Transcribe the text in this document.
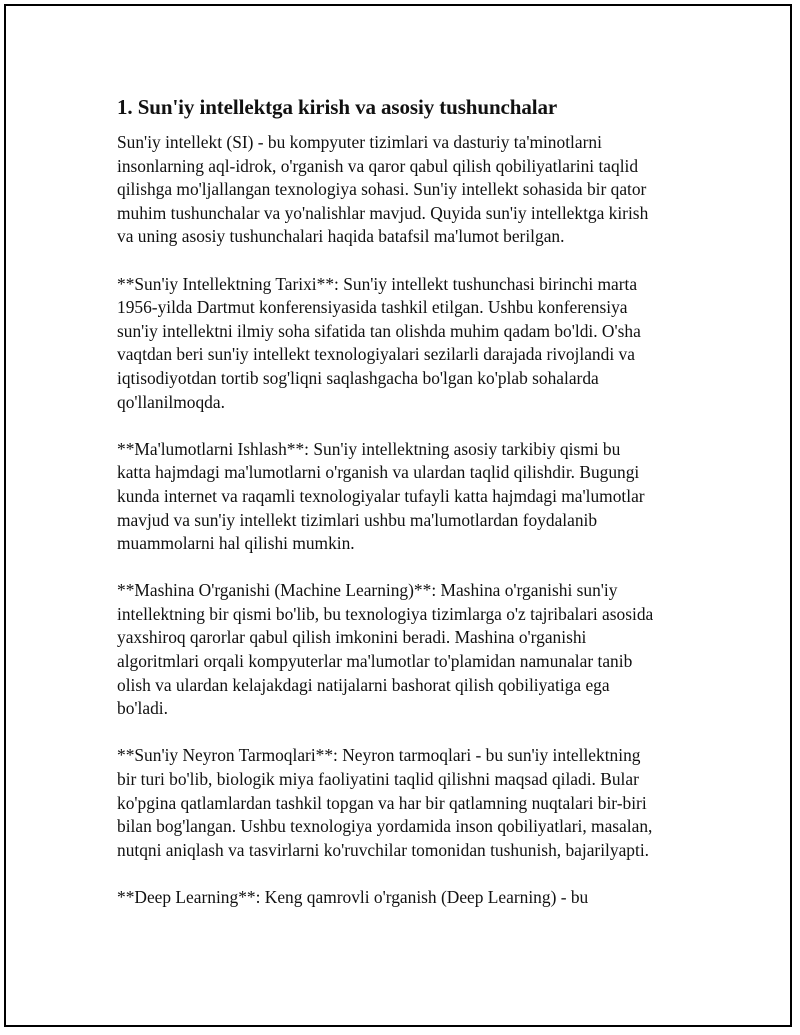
1. Sun'iy intellektga kirish va asosiy tushunchalar
Sun'iy intellekt (SI) - bu kompyuter tizimlari va dasturiy ta'minotlarni
insonlarning aql-idrok, o'rganish va qaror qabul qilish qobiliyatlarini taqlid
qilishga mo'ljallangan texnologiya sohasi. Sun'iy intellekt sohasida bir qator
muhim tushunchalar va yo'nalishlar mavjud. Quyida sun'iy intellektga kirish
va uning asosiy tushunchalari haqida batafsil ma'lumot berilgan.
**Sun'iy Intellektning Tarixi**: Sun'iy intellekt tushunchasi birinchi marta
1956-yilda Dartmut konferensiyasida tashkil etilgan. Ushbu konferensiya
sun'iy intellektni ilmiy soha sifatida tan olishda muhim qadam bo'ldi. O'sha
vaqtdan beri sun'iy intellekt texnologiyalari sezilarli darajada rivojlandi va
iqtisodiyotdan tortib sog'liqni saqlashgacha bo'lgan ko'plab sohalarda
qo'llanilmoqda.
**Ma'lumotlarni Ishlash**: Sun'iy intellektning asosiy tarkibiy qismi bu
katta hajmdagi ma'lumotlarni o'rganish va ulardan taqlid qilishdir. Bugungi
kunda internet va raqamli texnologiyalar tufayli katta hajmdagi ma'lumotlar
mavjud va sun'iy intellekt tizimlari ushbu ma'lumotlardan foydalanib
muammolarni hal qilishi mumkin.
**Mashina O'rganishi (Machine Learning)**: Mashina o'rganishi sun'iy
intellektning bir qismi bo'lib, bu texnologiya tizimlarga o'z tajribalari asosida
yaxshiroq qarorlar qabul qilish imkonini beradi. Mashina o'rganishi
algoritmlari orqali kompyuterlar ma'lumotlar to'plamidan namunalar tanib
olish va ulardan kelajakdagi natijalarni bashorat qilish qobiliyatiga ega
bo'ladi.
**Sun'iy Neyron Tarmoqlari**: Neyron tarmoqlari - bu sun'iy intellektning
bir turi bo'lib, biologik miya faoliyatini taqlid qilishni maqsad qiladi. Bular
ko'pgina qatlamlardan tashkil topgan va har bir qatlamning nuqtalari bir-biri
bilan bog'langan. Ushbu texnologiya yordamida inson qobiliyatlari, masalan,
nutqni aniqlash va tasvirlarni ko'ruvchilar tomonidan tushunish, bajarilyapti.
**Deep Learning**: Keng qamrovli o'rganish (Deep Learning) - bu
